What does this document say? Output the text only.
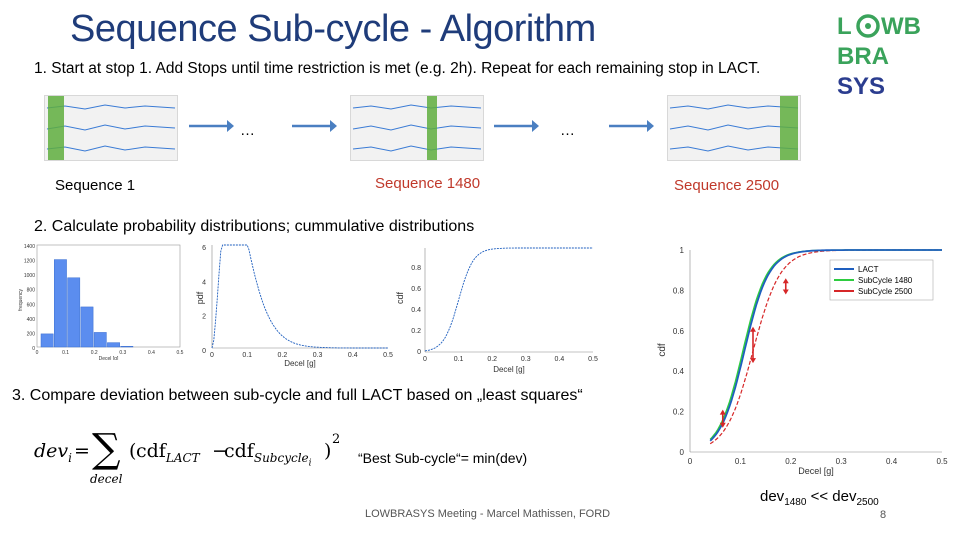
Sequence Sub-cycle - Algorithm	L WB
BRA
SYS
1. Start at stop 1. Add Stops until time restriction is met (e.g. 2h). Repeat for each remaining stop in LACT.
…	…
Sequence 1	Sequence 1480	Sequence 2500
2. Calculate probability distributions; cummulative distributions
1400
1200
1000
800
600
400
200
0
0	0.1	0.2	0.3	0.4	0.5
frequency
Decel [g]
6
4
2
0
0	0.1	0.2	0.3	0.4	0.5
pdf
Decel [g]
0.8
0.6
0.4
0.2
0
0	0.1	0.2	0.3	0.4	0.5
cdf
Decel [g]
1
0.8
0.6
0.4
0.2
0
0	0.1	0.2	0.3	0.4	0.5
cdf
Decel [g]
LACT
SubCycle 1480
SubCycle 2500
3. Compare deviation between sub-cycle and full LACT based on „least squares“
dev$_i$ = ∑
decel
( cdf$_{LACT}$ −
cdf$_{Subcycle_i}$
)
2
“Best Sub-cycle“= min(dev)
dev$_{1480}$ << dev$_{2500}$
LOWBRASYS Meeting - Marcel Mathissen, FORD	8
